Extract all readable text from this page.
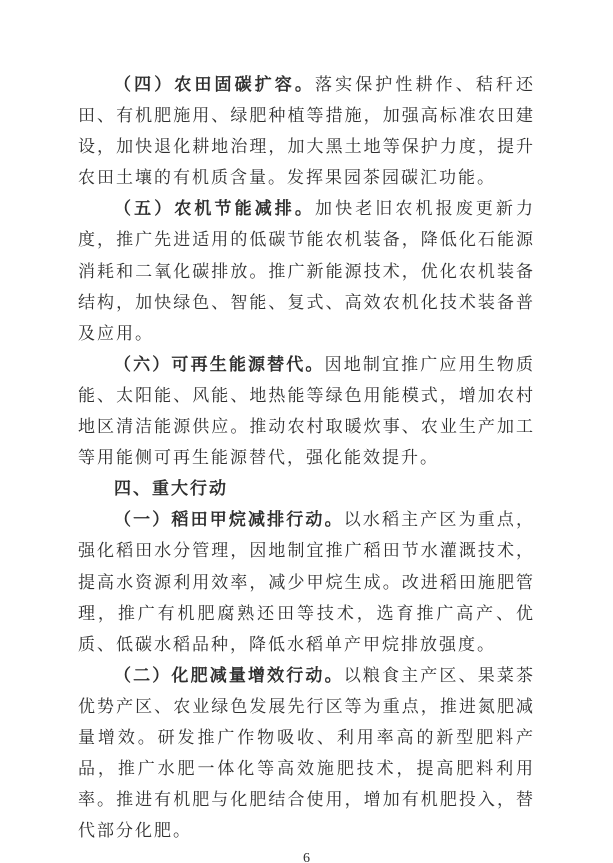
（四）农田固碳扩容。落实保护性耕作、秸秆还田、有机肥施用、绿肥种植等措施，加强高标准农田建设，加快退化耕地治理，加大黑土地等保护力度，提升农田土壤的有机质含量。发挥果园茶园碳汇功能。

（五）农机节能减排。加快老旧农机报废更新力度，推广先进适用的低碳节能农机装备，降低化石能源消耗和二氧化碳排放。推广新能源技术，优化农机装备结构，加快绿色、智能、复式、高效农机化技术装备普及应用。

（六）可再生能源替代。因地制宜推广应用生物质能、太阳能、风能、地热能等绿色用能模式，增加农村地区清洁能源供应。推动农村取暖炊事、农业生产加工等用能侧可再生能源替代，强化能效提升。

四、重大行动

（一）稻田甲烷减排行动。以水稻主产区为重点，强化稻田水分管理，因地制宜推广稻田节水灌溉技术，提高水资源利用效率，减少甲烷生成。改进稻田施肥管理，推广有机肥腐熟还田等技术，选育推广高产、优质、低碳水稻品种，降低水稻单产甲烷排放强度。

（二）化肥减量增效行动。以粮食主产区、果菜茶优势产区、农业绿色发展先行区等为重点，推进氮肥减量增效。研发推广作物吸收、利用率高的新型肥料产品，推广水肥一体化等高效施肥技术，提高肥料利用率。推进有机肥与化肥结合使用，增加有机肥投入，替代部分化肥。

6
